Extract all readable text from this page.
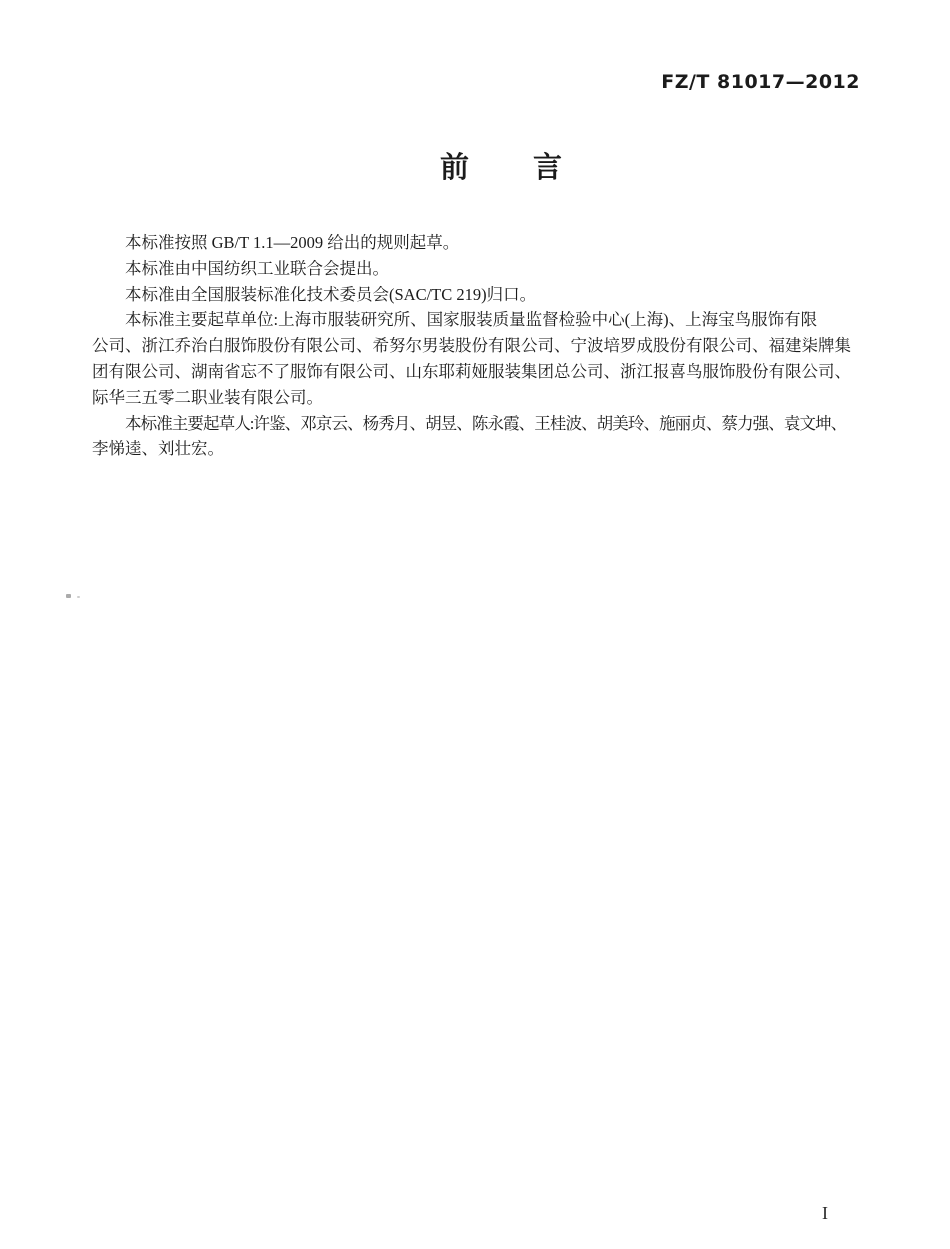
FZ/T 81017—2012
前 言
本标准按照 GB/T 1.1—2009 给出的规则起草。
本标准由中国纺织工业联合会提出。
本标准由全国服装标准化技术委员会(SAC/TC 219)归口。
本标准主要起草单位:上海市服装研究所、国家服装质量监督检验中心(上海)、上海宝鸟服饰有限
公司、浙江乔治白服饰股份有限公司、希努尔男装股份有限公司、宁波培罗成股份有限公司、福建柒牌集
团有限公司、湖南省忘不了服饰有限公司、山东耶莉娅服装集团总公司、浙江报喜鸟服饰股份有限公司、
际华三五零二职业装有限公司。
本标准主要起草人:许鉴、邓京云、杨秀月、胡昱、陈永霞、王桂波、胡美玲、施丽贞、蔡力强、袁文坤、
李悌逵、刘壮宏。
I
